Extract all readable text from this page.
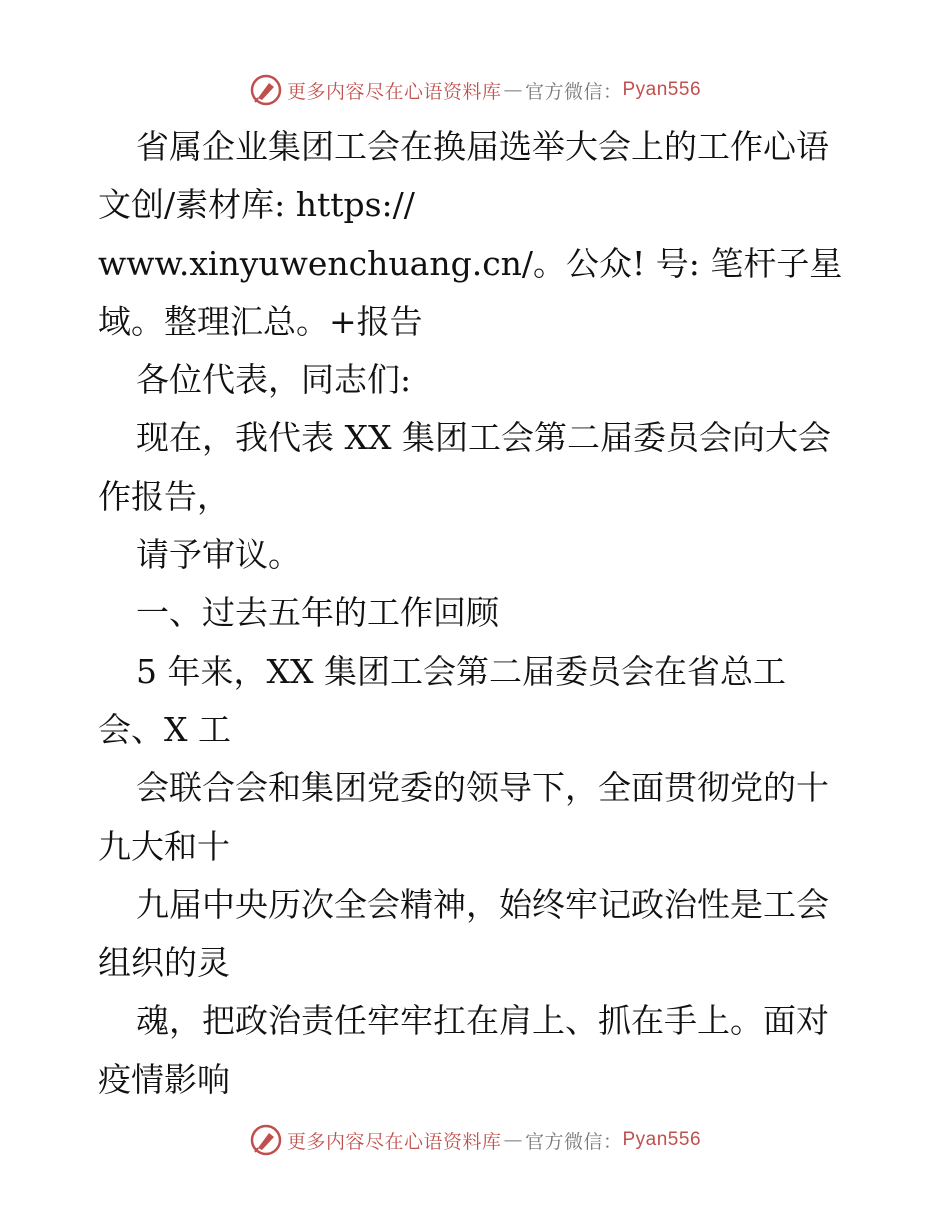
更多内容尽在心语资料库 — 官方微信： Pyan556
省属企业集团工会在换届选举大会上的工作心语
文创/素材库: https://
www.xinyuwenchuang.cn/。公众! 号: 笔杆子星
域。整理汇总。+报告
各位代表，同志们:
现在，我代表 XX 集团工会第二届委员会向大会
作报告，
请予审议。
一、过去五年的工作回顾
5 年来，XX 集团工会第二届委员会在省总工
会、X 工
会联合会和集团党委的领导下，全面贯彻党的十
九大和十
九届中央历次全会精神，始终牢记政治性是工会
组织的灵
魂，把政治责任牢牢扛在肩上、抓在手上。面对
疫情影响
更多内容尽在心语资料库 — 官方微信： Pyan556
